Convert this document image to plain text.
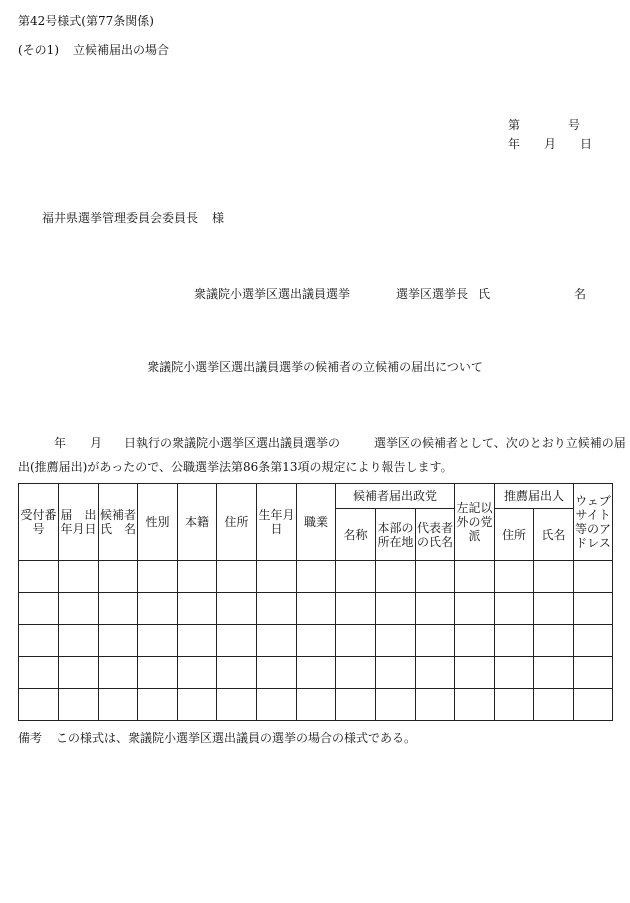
第42号様式(第77条関係)
(その1) 立候補届出の場合
第	号
年 月 日
福井県選挙管理委員会委員長 様
衆議院小選挙区選出議員選挙	選挙区選挙長 氏	名
衆議院小選挙区選出議員選挙の候補者の立候補の届出について
年 月 日執行の衆議院小選挙区選出議員選挙の	選挙区の候補者として、次のとおり立候補の届
出(推薦届出)があったので、公職選挙法第86条第13項の規定により報告します。
受付番号	届　出年月日	候補者氏　名	性別	本籍	住所	生年月日	職業	候補者届出政党			左記以外の党派	推薦届出人		ウェブサイト等のアドレス
								名称	本部の所在地	代表者の氏名		住所	氏名	

備考 この様式は、衆議院小選挙区選出議員の選挙の場合の様式である。
